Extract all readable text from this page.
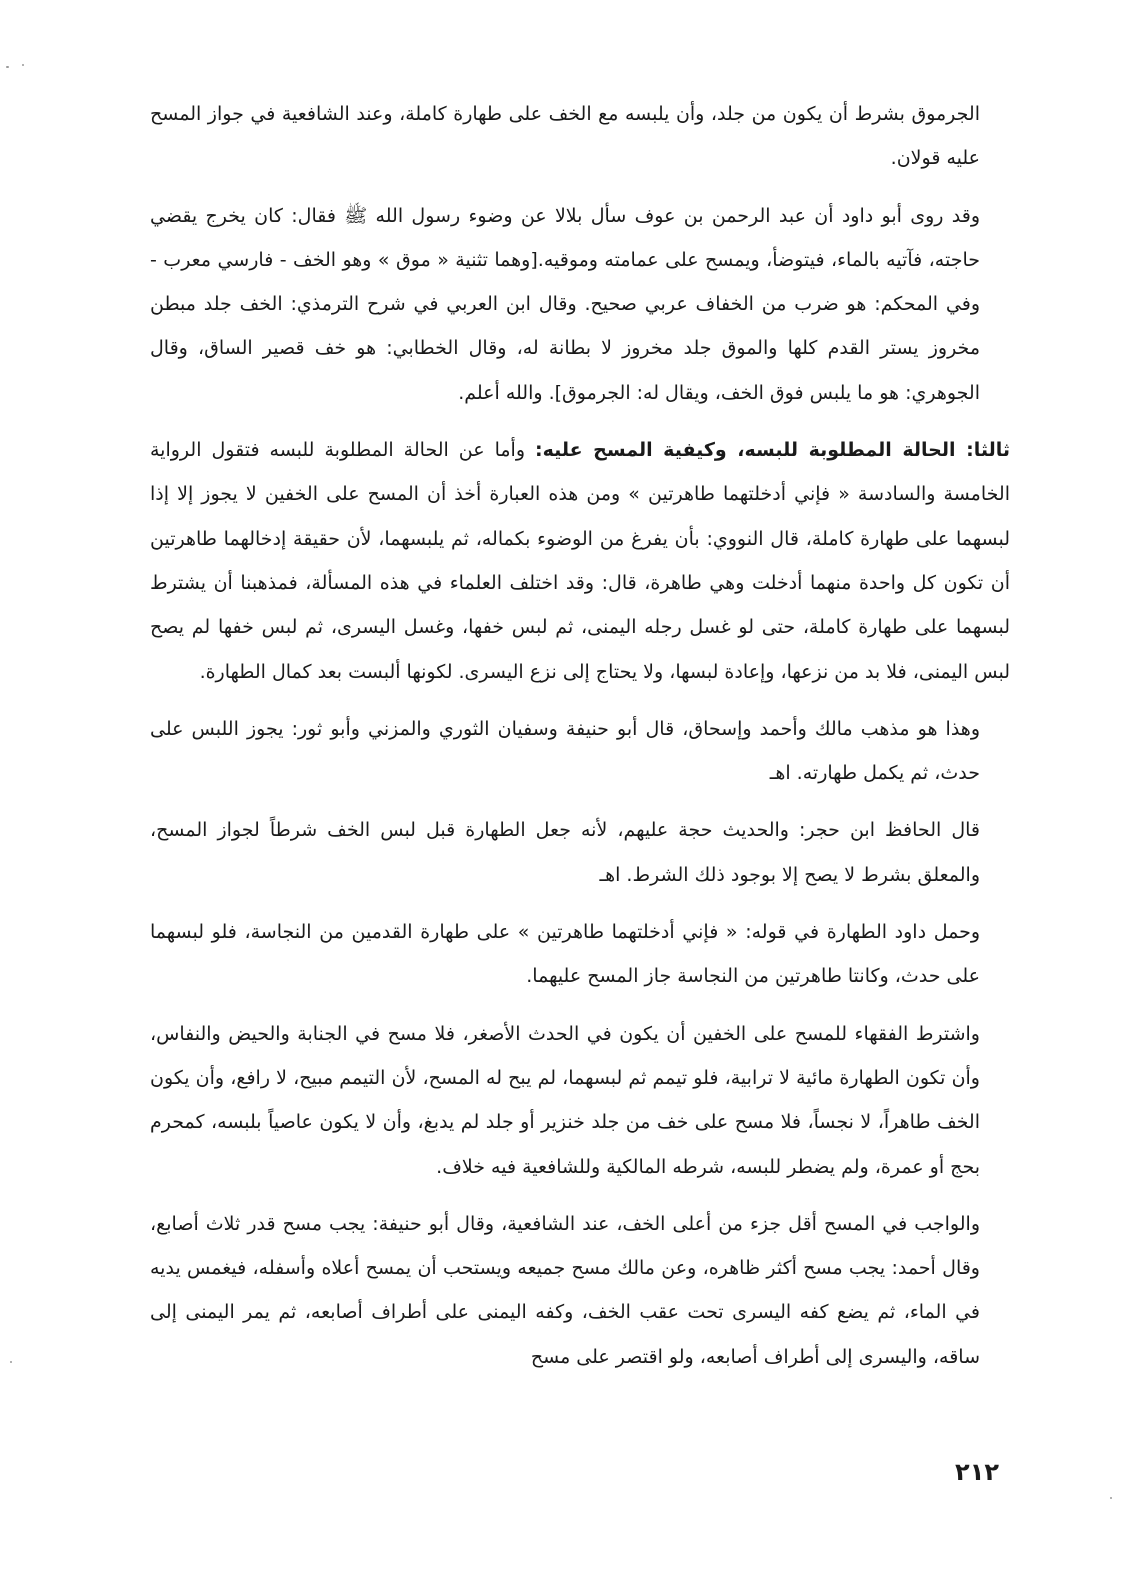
الجرموق بشرط أن يكون من جلد، وأن يلبسه مع الخف على طهارة كاملة، وعند الشافعية في جواز المسح عليه قولان.

وقد روى أبو داود أن عبد الرحمن بن عوف سأل بلالا عن وضوء رسول الله ﷺ فقال: كان يخرج يقضي حاجته، فآتيه بالماء، فيتوضأ، ويمسح على عمامته وموقيه.[وهما تثنية « موق » وهو الخف - فارسي معرب - وفي المحكم: هو ضرب من الخفاف عربي صحيح. وقال ابن العربي في شرح الترمذي: الخف جلد مبطن مخروز يستر القدم كلها والموق جلد مخروز لا بطانة له، وقال الخطابي: هو خف قصير الساق، وقال الجوهري: هو ما يلبس فوق الخف، ويقال له: الجرموق]. والله أعلم.

ثالثا: الحالة المطلوبة للبسه، وكيفية المسح عليه: وأما عن الحالة المطلوبة للبسه فتقول الرواية الخامسة والسادسة « فإني أدخلتهما طاهرتين » ومن هذه العبارة أخذ أن المسح على الخفين لا يجوز إلا إذا لبسهما على طهارة كاملة، قال النووي: بأن يفرغ من الوضوء بكماله، ثم يلبسهما، لأن حقيقة إدخالهما طاهرتين أن تكون كل واحدة منهما أدخلت وهي طاهرة، قال: وقد اختلف العلماء في هذه المسألة، فمذهبنا أن يشترط لبسهما على طهارة كاملة، حتى لو غسل رجله اليمنى، ثم لبس خفها، وغسل اليسرى، ثم لبس خفها لم يصح لبس اليمنى، فلا بد من نزعها، وإعادة لبسها، ولا يحتاج إلى نزع اليسرى. لكونها ألبست بعد كمال الطهارة.

وهذا هو مذهب مالك وأحمد وإسحاق، قال أبو حنيفة وسفيان الثوري والمزني وأبو ثور: يجوز اللبس على حدث، ثم يكمل طهارته. اهـ

قال الحافظ ابن حجر: والحديث حجة عليهم، لأنه جعل الطهارة قبل لبس الخف شرطاً لجواز المسح، والمعلق بشرط لا يصح إلا بوجود ذلك الشرط. اهـ

وحمل داود الطهارة في قوله: « فإني أدخلتهما طاهرتين » على طهارة القدمين من النجاسة، فلو لبسهما على حدث، وكانتا طاهرتين من النجاسة جاز المسح عليهما.

واشترط الفقهاء للمسح على الخفين أن يكون في الحدث الأصغر، فلا مسح في الجنابة والحيض والنفاس، وأن تكون الطهارة مائية لا ترابية، فلو تيمم ثم لبسهما، لم يبح له المسح، لأن التيمم مبيح، لا رافع، وأن يكون الخف طاهراً، لا نجساً، فلا مسح على خف من جلد خنزير أو جلد لم يدبغ، وأن لا يكون عاصياً بلبسه، كمحرم بحج أو عمرة، ولم يضطر للبسه، شرطه المالكية وللشافعية فيه خلاف.

والواجب في المسح أقل جزء من أعلى الخف، عند الشافعية، وقال أبو حنيفة: يجب مسح قدر ثلاث أصابع، وقال أحمد: يجب مسح أكثر ظاهره، وعن مالك مسح جميعه ويستحب أن يمسح أعلاه وأسفله، فيغمس يديه في الماء، ثم يضع كفه اليسرى تحت عقب الخف، وكفه اليمنى على أطراف أصابعه، ثم يمر اليمنى إلى ساقه، واليسرى إلى أطراف أصابعه، ولو اقتصر على مسح

٢١٢
